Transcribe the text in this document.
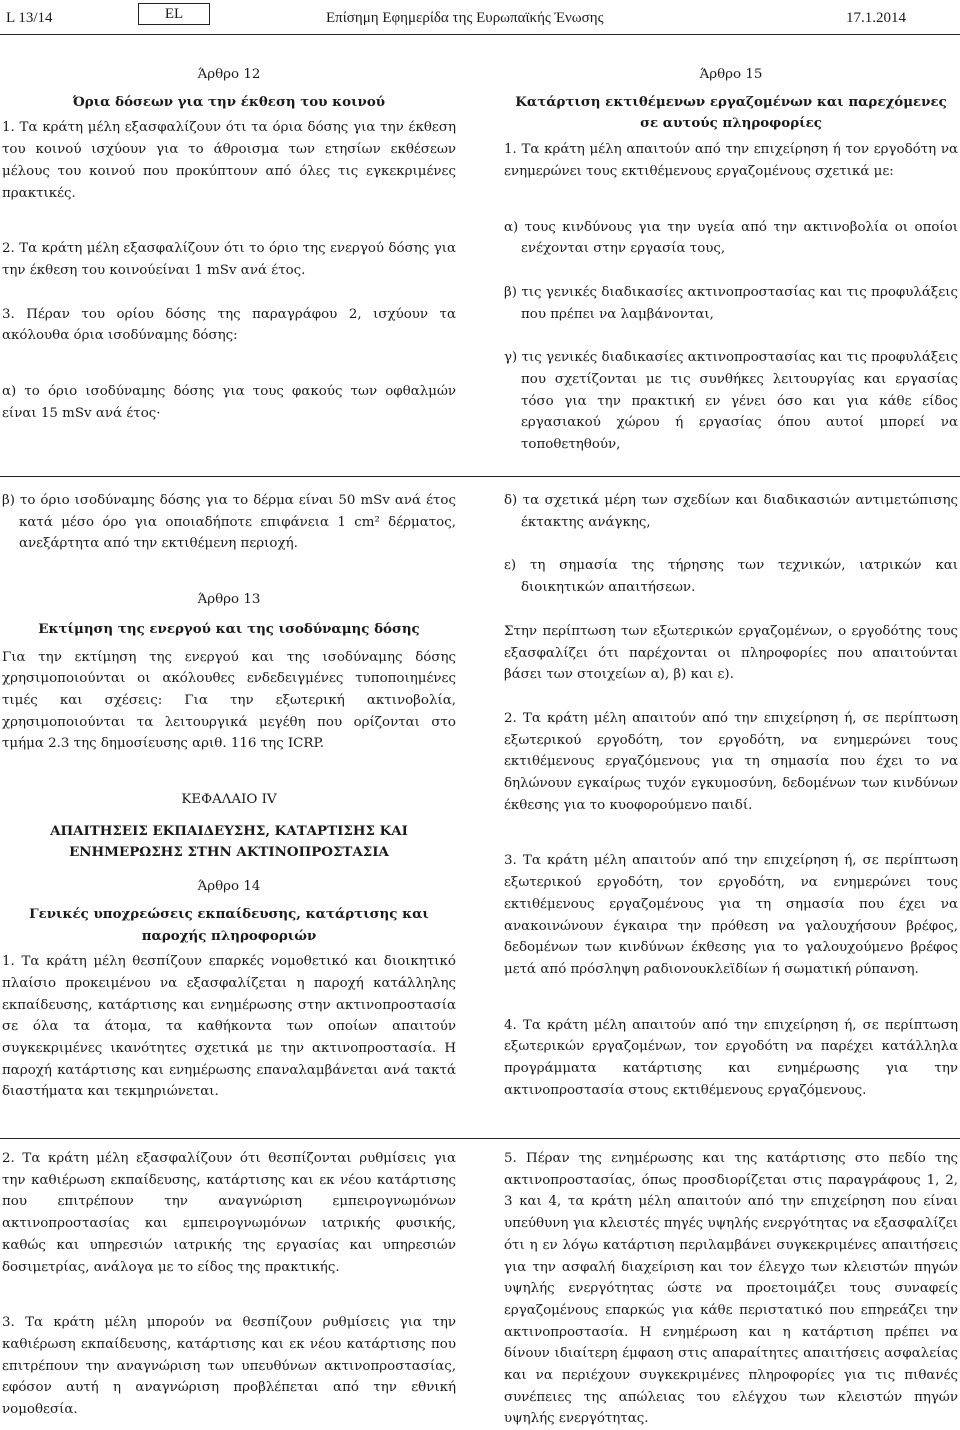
L 13/14	EL	Επίσημη Εφημερίδα της Ευρωπαϊκής Ένωσης	17.1.2014

Άρθρο 12

Όρια δόσεων για την έκθεση του κοινού

1. Τα κράτη μέλη εξασφαλίζουν ότι τα όρια δόσης για την έκθεση του κοινού ισχύουν για το άθροισμα των ετησίων εκθέσεων μέλους του κοινού που προκύπτουν από όλες τις εγκεκριμένες πρακτικές.

2. Τα κράτη μέλη εξασφαλίζουν ότι το όριο της ενεργού δόσης για την έκθεση του κοινούείναι 1 mSv ανά έτος.

3. Πέραν του ορίου δόσης της παραγράφου 2, ισχύουν τα ακόλουθα όρια ισοδύναμης δόσης:

α) το όριο ισοδύναμης δόσης για τους φακούς των οφθαλμών είναι 15 mSv ανά έτος·

Άρθρο 15

Κατάρτιση εκτιθέμενων εργαζομένων και παρεχόμενες σε αυτούς πληροφορίες

1. Τα κράτη μέλη απαιτούν από την επιχείρηση ή τον εργοδότη να ενημερώνει τους εκτιθέμενους εργαζομένους σχετικά με:

α) τους κινδύνους για την υγεία από την ακτινοβολία οι οποίοι ενέχονται στην εργασία τους,

β) τις γενικές διαδικασίες ακτινοπροστασίας και τις προφυλάξεις που πρέπει να λαμβάνονται,

γ) τις γενικές διαδικασίες ακτινοπροστασίας και τις προφυλάξεις που σχετίζονται με τις συνθήκες λειτουργίας και εργασίας τόσο για την πρακτική εν γένει όσο και για κάθε είδος εργασιακού χώρου ή εργασίας όπου αυτοί μπορεί να τοποθετηθούν,

β) το όριο ισοδύναμης δόσης για το δέρμα είναι 50 mSv ανά έτος κατά μέσο όρο για οποιαδήποτε επιφάνεια 1 cm² δέρματος, ανεξάρτητα από την εκτιθέμενη περιοχή.

Άρθρο 13

Εκτίμηση της ενεργού και της ισοδύναμης δόσης

Για την εκτίμηση της ενεργού και της ισοδύναμης δόσης χρησιμοποιούνται οι ακόλουθες ενδεδειγμένες τυποποιημένες τιμές και σχέσεις: Για την εξωτερική ακτινοβολία, χρησιμοποιούνται τα λειτουργικά μεγέθη που ορίζονται στο τμήμα 2.3 της δημοσίευσης αριθ. 116 της ICRP.

ΚΕΦΑΛΑΙΟ IV

ΑΠΑΙΤΗΣΕΙΣ ΕΚΠΑΙΔΕΥΣΗΣ, ΚΑΤΑΡΤΙΣΗΣ ΚΑΙ ΕΝΗΜΕΡΩΣΗΣ ΣΤΗΝ ΑΚΤΙΝΟΠΡΟΣΤΑΣΙΑ

Άρθρο 14

Γενικές υποχρεώσεις εκπαίδευσης, κατάρτισης και παροχής πληροφοριών

1. Τα κράτη μέλη θεσπίζουν επαρκές νομοθετικό και διοικητικό πλαίσιο προκειμένου να εξασφαλίζεται η παροχή κατάλληλης εκπαίδευσης, κατάρτισης και ενημέρωσης στην ακτινοπροστασία σε όλα τα άτομα, τα καθήκοντα των οποίων απαιτούν συγκεκριμένες ικανότητες σχετικά με την ακτινοπροστασία. Η παροχή κατάρτισης και ενημέρωσης επαναλαμβάνεται ανά τακτά διαστήματα και τεκμηριώνεται.

δ) τα σχετικά μέρη των σχεδίων και διαδικασιών αντιμετώπισης έκτακτης ανάγκης,

ε) τη σημασία της τήρησης των τεχνικών, ιατρικών και διοικητικών απαιτήσεων.

Στην περίπτωση των εξωτερικών εργαζομένων, ο εργοδότης τους εξασφαλίζει ότι παρέχονται οι πληροφορίες που απαιτούνται βάσει των στοιχείων α), β) και ε).

2. Τα κράτη μέλη απαιτούν από την επιχείρηση ή, σε περίπτωση εξωτερικού εργοδότη, τον εργοδότη, να ενημερώνει τους εκτιθέμενους εργαζόμενους για τη σημασία που έχει το να δηλώνουν εγκαίρως τυχόν εγκυμοσύνη, δεδομένων των κινδύνων έκθεσης για το κυοφορούμενο παιδί.

3. Τα κράτη μέλη απαιτούν από την επιχείρηση ή, σε περίπτωση εξωτερικού εργοδότη, τον εργοδότη, να ενημερώνει τους εκτιθέμενους εργαζομένους για τη σημασία που έχει να ανακοινώνουν έγκαιρα την πρόθεση να γαλουχήσουν βρέφος, δεδομένων των κινδύνων έκθεσης για το γαλουχούμενο βρέφος μετά από πρόσληψη ραδιονουκλεϊδίων ή σωματική ρύπανση.

4. Τα κράτη μέλη απαιτούν από την επιχείρηση ή, σε περίπτωση εξωτερικών εργαζομένων, τον εργοδότη να παρέχει κατάλληλα προγράμματα κατάρτισης και ενημέρωσης για την ακτινοπροστασία στους εκτιθέμενους εργαζόμενους.

2. Τα κράτη μέλη εξασφαλίζουν ότι θεσπίζονται ρυθμίσεις για την καθιέρωση εκπαίδευσης, κατάρτισης και εκ νέου κατάρτισης που επιτρέπουν την αναγνώριση εμπειρογνωμόνων ακτινοπροστασίας και εμπειρογνωμόνων ιατρικής φυσικής, καθώς και υπηρεσιών ιατρικής της εργασίας και υπηρεσιών δοσιμετρίας, ανάλογα με το είδος της πρακτικής.

3. Τα κράτη μέλη μπορούν να θεσπίζουν ρυθμίσεις για την καθιέρωση εκπαίδευσης, κατάρτισης και εκ νέου κατάρτισης που επιτρέπουν την αναγνώριση των υπευθύνων ακτινοπροστασίας, εφόσον αυτή η αναγνώριση προβλέπεται από την εθνική νομοθεσία.

5. Πέραν της ενημέρωσης και της κατάρτισης στο πεδίο της ακτινοπροστασίας, όπως προσδιορίζεται στις παραγράφους 1, 2, 3 και 4, τα κράτη μέλη απαιτούν από την επιχείρηση που είναι υπεύθυνη για κλειστές πηγές υψηλής ενεργότητας να εξασφαλίζει ότι η εν λόγω κατάρτιση περιλαμβάνει συγκεκριμένες απαιτήσεις για την ασφαλή διαχείριση και τον έλεγχο των κλειστών πηγών υψηλής ενεργότητας ώστε να προετοιμάζει τους συναφείς εργαζομένους επαρκώς για κάθε περιστατικό που επηρεάζει την ακτινοπροστασία. Η ενημέρωση και η κατάρτιση πρέπει να δίνουν ιδιαίτερη έμφαση στις απαραίτητες απαιτήσεις ασφαλείας και να περιέχουν συγκεκριμένες πληροφορίες για τις πιθανές συνέπειες της απώλειας του ελέγχου των κλειστών πηγών υψηλής ενεργότητας.
